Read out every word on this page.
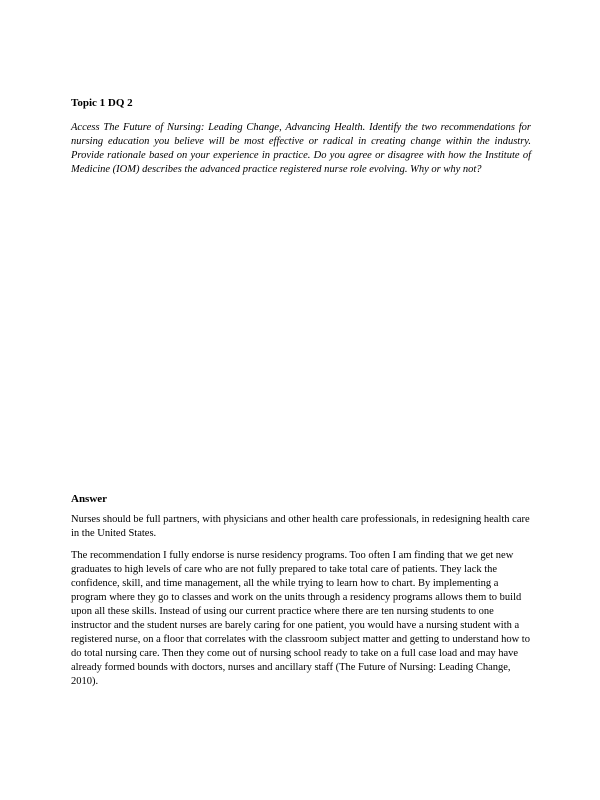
Topic 1 DQ 2

Access The Future of Nursing: Leading Change, Advancing Health. Identify the two recommendations for nursing education you believe will be most effective or radical in creating change within the industry. Provide rationale based on your experience in practice. Do you agree or disagree with how the Institute of Medicine (IOM) describes the advanced practice registered nurse role evolving. Why or why not?

Answer

Nurses should be full partners, with physicians and other health care professionals, in redesigning health care in the United States.

The recommendation I fully endorse is nurse residency programs. Too often I am finding that we get new graduates to high levels of care who are not fully prepared to take total care of patients. They lack the confidence, skill, and time management, all the while trying to learn how to chart. By implementing a program where they go to classes and work on the units through a residency programs allows them to build upon all these skills. Instead of using our current practice where there are ten nursing students to one instructor and the student nurses are barely caring for one patient, you would have a nursing student with a registered nurse, on a floor that correlates with the classroom subject matter and getting to understand how to do total nursing care. Then they come out of nursing school ready to take on a full case load and may have already formed bounds with doctors, nurses and ancillary staff (The Future of Nursing: Leading Change, 2010).
